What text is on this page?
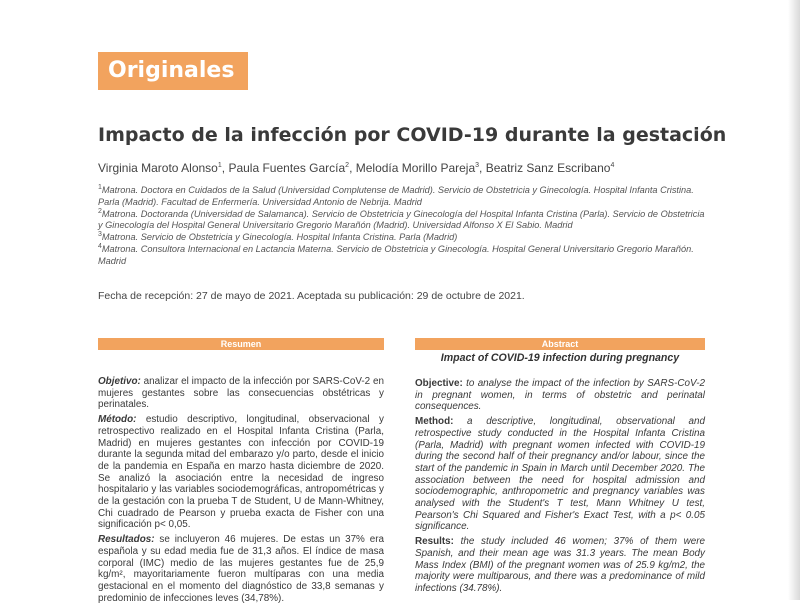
Originales
Impacto de la infección por COVID-19 durante la gestación
Virginia Maroto Alonso$^1$, Paula Fuentes García$^2$, Melodía Morillo Pareja$^3$, Beatriz Sanz Escribano$^4$

$^1$Matrona. Doctora en Cuidados de la Salud (Universidad Complutense de Madrid). Servicio de Obstetricia y Ginecología. Hospital Infanta Cristina. Parla (Madrid). Facultad de Enfermería. Universidad Antonio de Nebrija. Madrid

$^2$Matrona. Doctoranda (Universidad de Salamanca). Servicio de Obstetricia y Ginecología del Hospital Infanta Cristina (Parla). Servicio de Obstetricia y Ginecología del Hospital General Universitario Gregorio Marañón (Madrid). Universidad Alfonso X El Sabio. Madrid

$^3$Matrona. Servicio de Obstetricia y Ginecología. Hospital Infanta Cristina. Parla (Madrid)

$^4$Matrona. Consultora Internacional en Lactancia Materna. Servicio de Obstetricia y Ginecología. Hospital General Universitario Gregorio Marañón. Madrid

Fecha de recepción: 27 de mayo de 2021. Aceptada su publicación: 29 de octubre de 2021.
Resumen

Objetivo: analizar el impacto de la infección por SARS-CoV-2 en mujeres gestantes sobre las consecuencias obstétricas y perinatales.

Método: estudio descriptivo, longitudinal, observacional y retrospectivo realizado en el Hospital Infanta Cristina (Parla, Madrid) en mujeres gestantes con infección por COVID-19 durante la segunda mitad del embarazo y/o parto, desde el inicio de la pandemia en España en marzo hasta diciembre de 2020. Se analizó la asociación entre la necesidad de ingreso hospitalario y las variables sociodemográficas, antropométricas y de la gestación con la prueba T de Student, U de Mann-Whitney, Chi cuadrado de Pearson y prueba exacta de Fisher con una significación p< 0,05.

Resultados: se incluyeron 46 mujeres. De estas un 37% era española y su edad media fue de 31,3 años. El índice de masa corporal (IMC) medio de las mujeres gestantes fue de 25,9 kg/m², mayoritariamente fueron multíparas con una media gestacional en el momento del diagnóstico de 33,8 semanas y predominio de infecciones leves (34,78%).

Abstract

Impact of COVID-19 infection during pregnancy

Objective: to analyse the impact of the infection by SARS-CoV-2 in pregnant women, in terms of obstetric and perinatal consequences.

Method: a descriptive, longitudinal, observational and retrospective study conducted in the Hospital Infanta Cristina (Parla, Madrid) with pregnant women infected with COVID-19 during the second half of their pregnancy and/or labour, since the start of the pandemic in Spain in March until December 2020. The association between the need for hospital admission and sociodemographic, anthropometric and pregnancy variables was analysed with the Student's T test, Mann Whitney U test, Pearson's Chi Squared and Fisher's Exact Test, with a p< 0.05 significance.

Results: the study included 46 women; 37% of them were Spanish, and their mean age was 31.3 years. The mean Body Mass Index (BMI) of the pregnant women was of 25.9 kg/m2, the majority were multiparous, and there was a predominance of mild infections (34.78%).
